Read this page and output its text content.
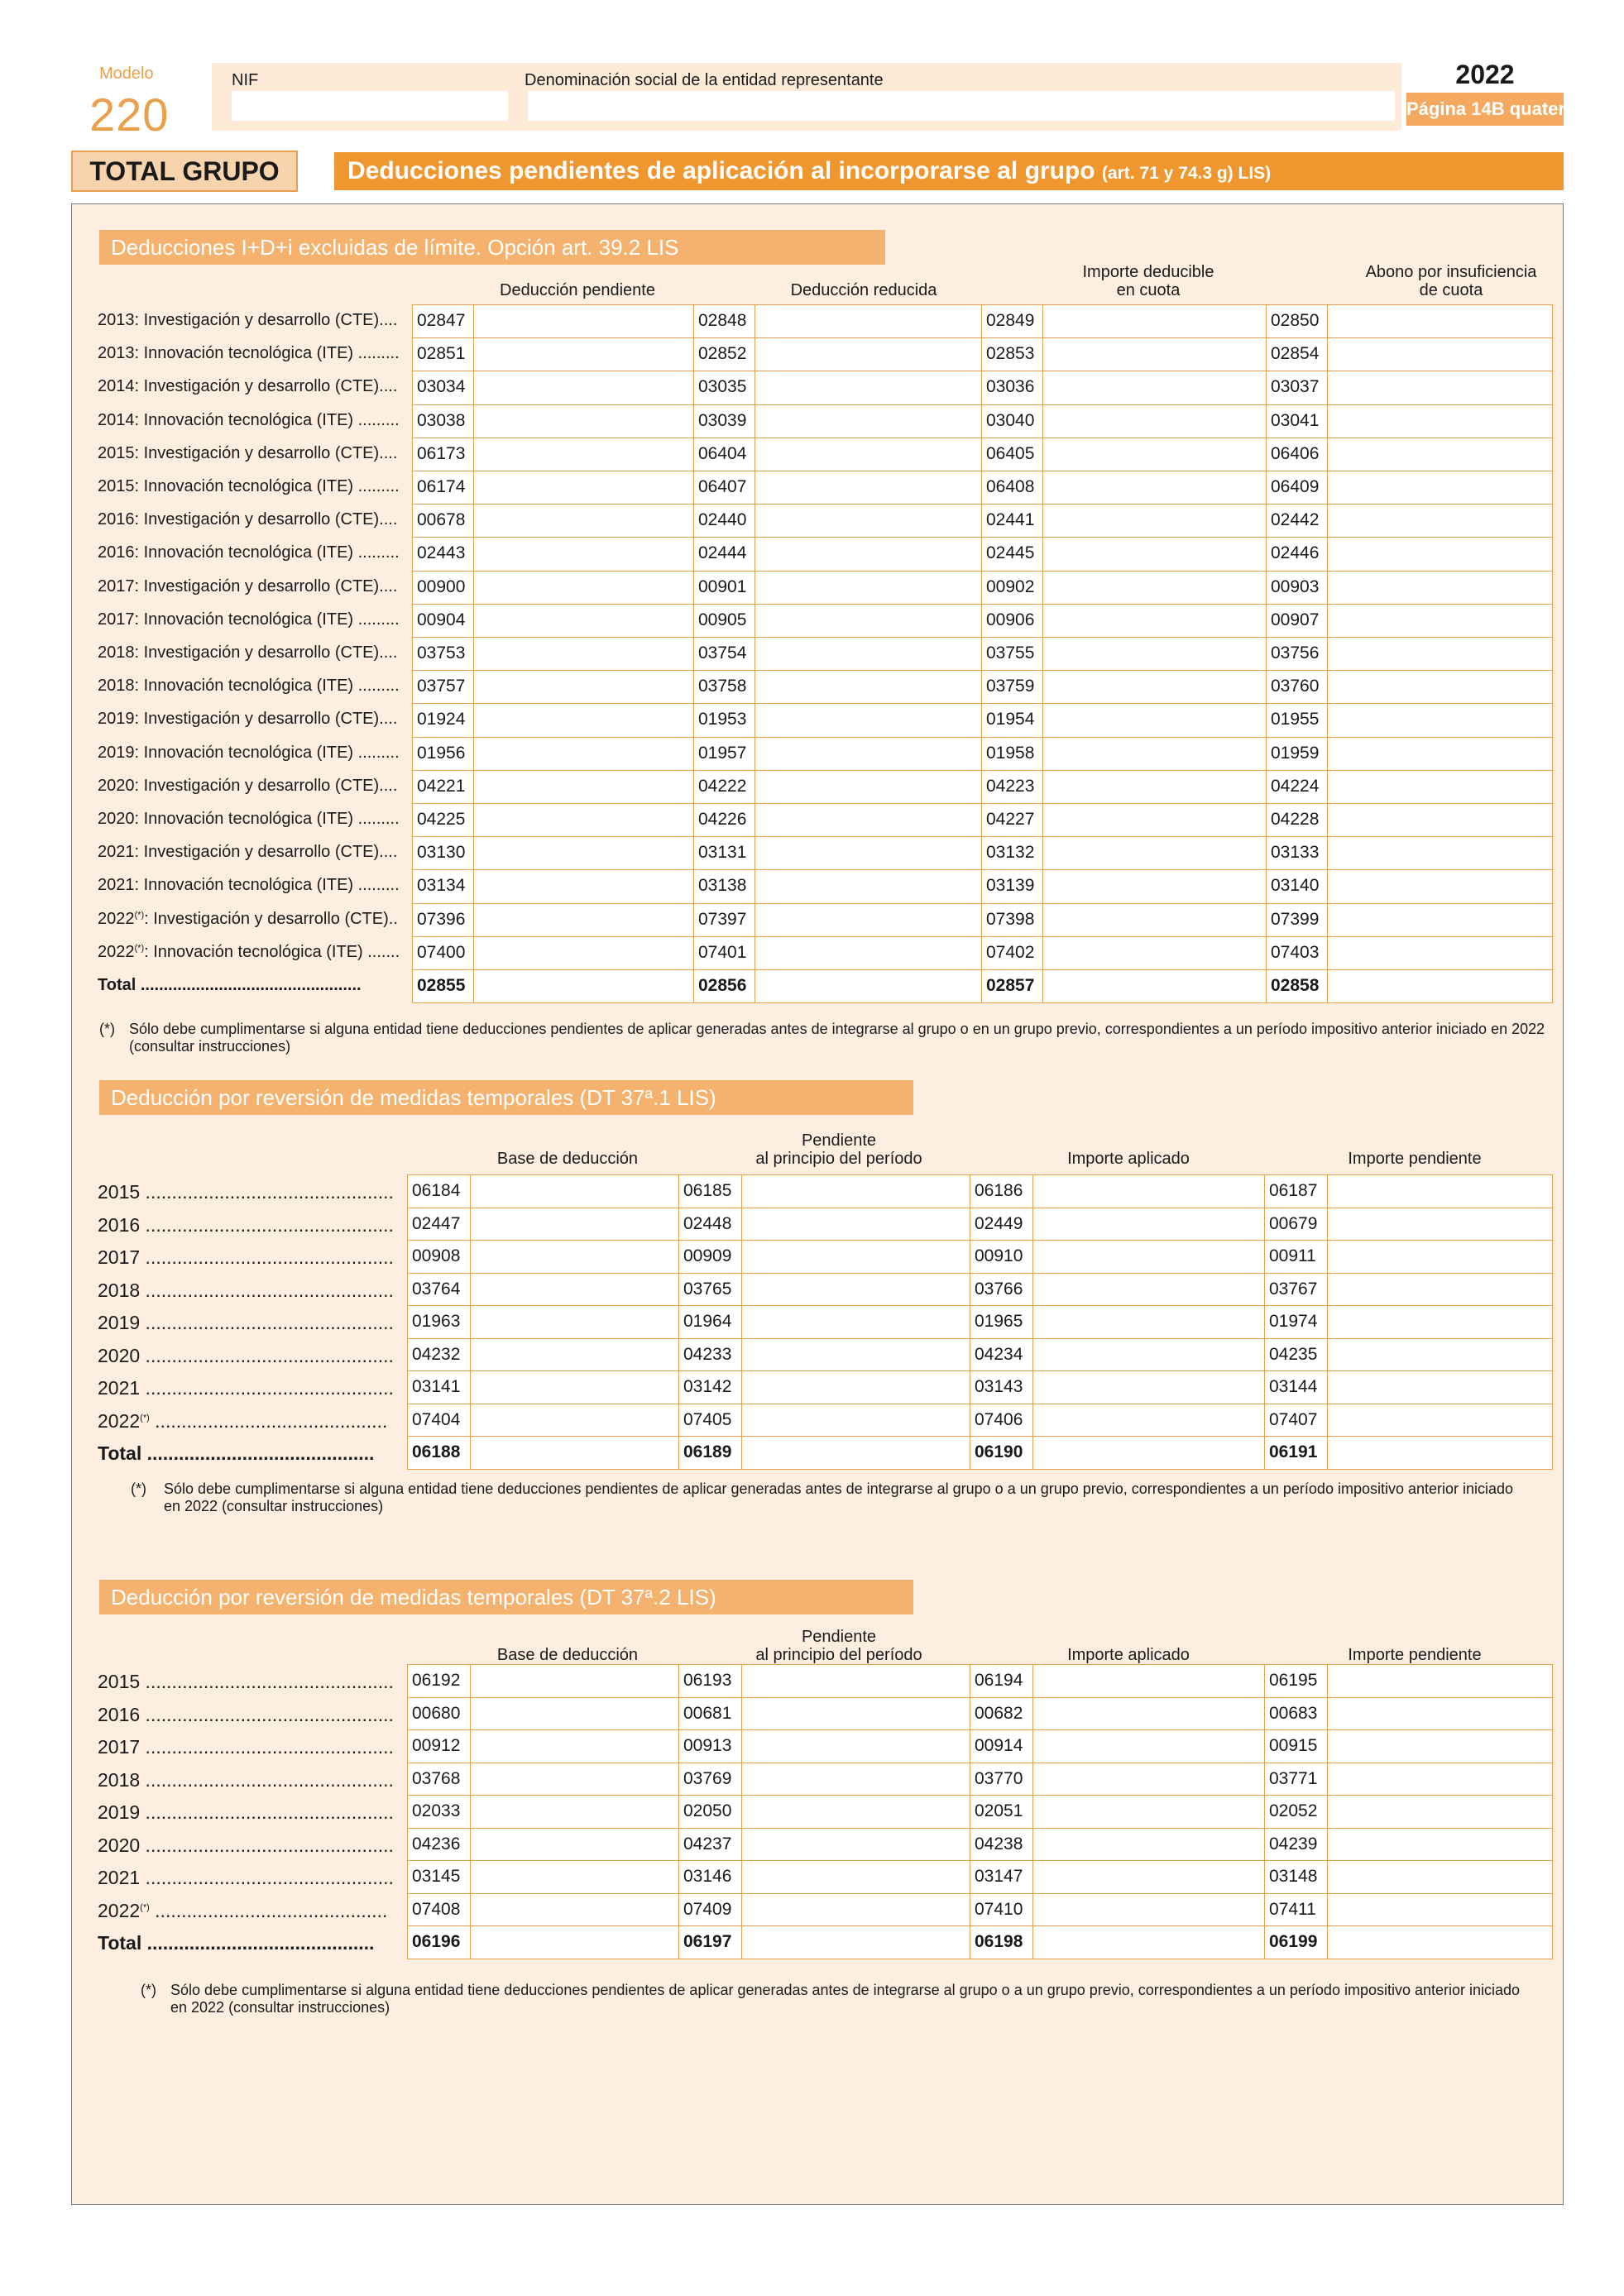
Modelo
220
NIF	Denominación social de la entidad representante	2022
Página 14B quater
TOTAL GRUPO	Deducciones pendientes de aplicación al incorporarse al grupo (art. 71 y 74.3 g) LIS)
Deducciones I+D+i excluidas de límite. Opción art. 39.2 LIS
Deducción pendiente	Deducción reducida
Importe deducible
en cuota
Abono por insuficiencia
de cuota
2013: Investigación y desarrollo (CTE)....	02847	02848	02849	02850
2013: Innovación tecnológica (ITE) .........	02851	02852	02853	02854
2014: Investigación y desarrollo (CTE)....	03034	03035	03036	03037
2014: Innovación tecnológica (ITE) .........	03038	03039	03040	03041
2015: Investigación y desarrollo (CTE)....	06173	06404	06405	06406
2015: Innovación tecnológica (ITE) .........	06174	06407	06408	06409
2016: Investigación y desarrollo (CTE)....	00678	02440	02441	02442
2016: Innovación tecnológica (ITE) .........	02443	02444	02445	02446
2017: Investigación y desarrollo (CTE)....	00900	00901	00902	00903
2017: Innovación tecnológica (ITE) .........	00904	00905	00906	00907
2018: Investigación y desarrollo (CTE)....	03753	03754	03755	03756
2018: Innovación tecnológica (ITE) .........	03757	03758	03759	03760
2019: Investigación y desarrollo (CTE)....	01924	01953	01954	01955
2019: Innovación tecnológica (ITE) .........	01956	01957	01958	01959
2020: Investigación y desarrollo (CTE)....	04221	04222	04223	04224
2020: Innovación tecnológica (ITE) .........	04225	04226	04227	04228
2021: Investigación y desarrollo (CTE)....	03130	03131	03132	03133
2021: Innovación tecnológica (ITE) .........	03134	03138	03139	03140
2022(*): Investigación y desarrollo (CTE)..	07396	07397	07398	07399
2022(*): Innovación tecnológica (ITE) ....... 07400	07401	07402	07403
Total ................................................	02855	02856	02857	02858
(*) Sólo debe cumplimentarse si alguna entidad tiene deducciones pendientes de aplicar generadas antes de integrarse al grupo o en un grupo previo, correspondientes a un período impositivo anterior iniciado en 2022 (consultar instrucciones)
Deducción por reversión de medidas temporales (DT 37ª.1 LIS)
Base de deducción
Pendiente
al principio del período	Importe aplicado	Importe pendiente
2015 ...............................................	06184	06185	06186	06187
2016 ...............................................	02447	02448	02449	00679
2017 ...............................................	00908	00909	00910	00911
2018 ...............................................	03764	03765	03766	03767
2019 ...............................................	01963	01964	01965	01974
2020 ...............................................	04232	04233	04234	04235
2021 ...............................................	03141	03142	03143	03144
2022(*) ............................................	07404	07405	07406	07407
Total ...........................................	06188	06189	06190	06191
(*) Sólo debe cumplimentarse si alguna entidad tiene deducciones pendientes de aplicar generadas antes de integrarse al grupo o a un grupo previo, correspondientes a un período impositivo anterior iniciado en 2022 (consultar instrucciones)
Deducción por reversión de medidas temporales (DT 37ª.2 LIS)
Base de deducción
Pendiente
al principio del período	Importe aplicado	Importe pendiente
2015 ...............................................	06192	06193	06194	06195
2016 ...............................................	00680	00681	00682	00683
2017 ...............................................	00912	00913	00914	00915
2018 ...............................................	03768	03769	03770	03771
2019 ...............................................	02033	02050	02051	02052
2020 ...............................................	04236	04237	04238	04239
2021 ...............................................	03145	03146	03147	03148
2022(*) ............................................	07408	07409	07410	07411
Total ...........................................	06196	06197	06198	06199
(*) Sólo debe cumplimentarse si alguna entidad tiene deducciones pendientes de aplicar generadas antes de integrarse al grupo o a un grupo previo, correspondientes a un período impositivo anterior iniciado en 2022 (consultar instrucciones)
